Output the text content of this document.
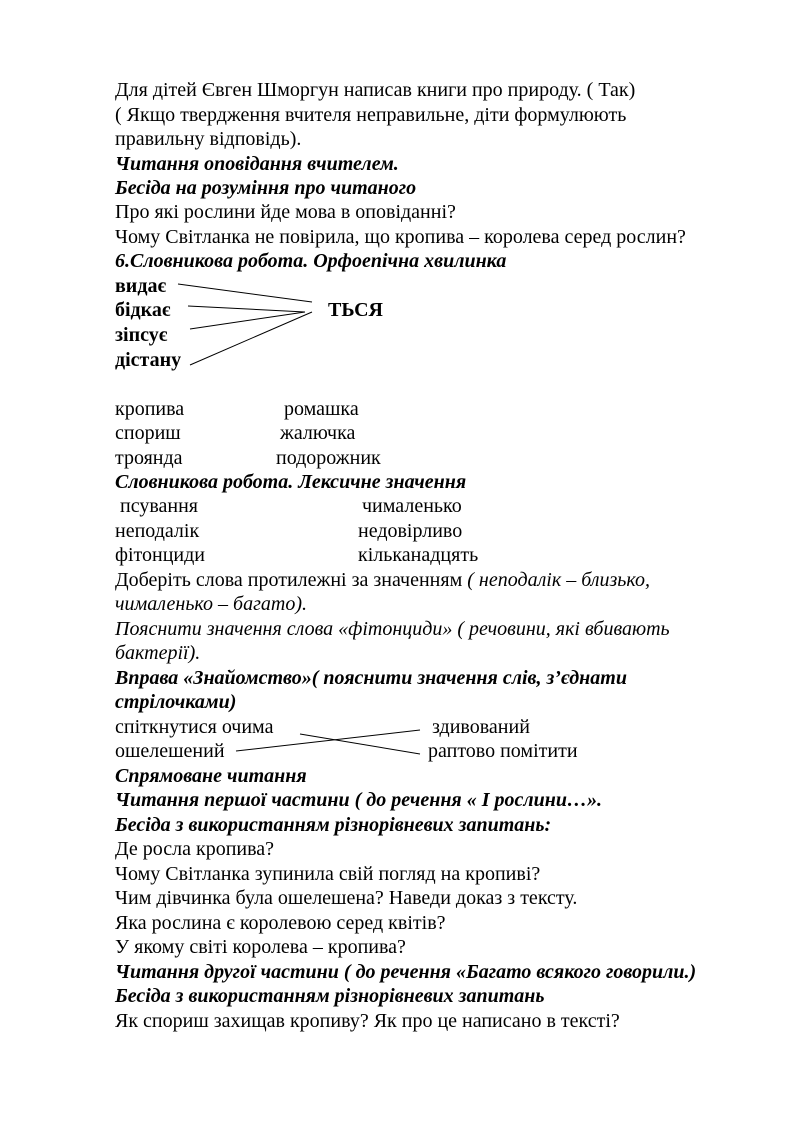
Для дітей Євген Шморгун написав книги про природу. ( Так)
( Якщо твердження вчителя неправильне, діти формулюють
правильну відповідь).
Читання оповідання вчителем.
Бесіда на розуміння про читаного
Про які рослини йде мова в оповіданні?
Чому Світланка не повірила, що кропива – королева серед рослин?
6.Словникова робота. Орфоепічна хвилинка
видає
бідкає
зіпсує
дістану
ТЬСЯ
кропива
спориш
троянда
ромашка
жалючка
подорожник
Словникова робота. Лексичне значення
псування
неподалік
фітонциди
чималенько
недовірливо
кільканадцять
Доберіть слова протилежні за значенням ( неподалік – близько,
чималенько – багато).
Пояснити значення слова «фітонциди» ( речовини, які вбивають
бактерії).
Вправа «Знайомство»( пояснити значення слів, з’єднати
стрілочками)
спіткнутися очима
ошелешений
здивований
раптово помітити
Спрямоване читання
Читання першої частини ( до речення « І рослини…».
Бесіда з використанням різнорівневих запитань:
Де росла кропива?
Чому Світланка зупинила свій погляд на кропиві?
Чим дівчинка була ошелешена? Наведи доказ з тексту.
Яка рослина є королевою серед квітів?
У якому світі королева – кропива?
Читання другої частини ( до речення «Багато всякого говорили.)
Бесіда з використанням різнорівневих запитань
Як спориш захищав кропиву? Як про це написано в тексті?
